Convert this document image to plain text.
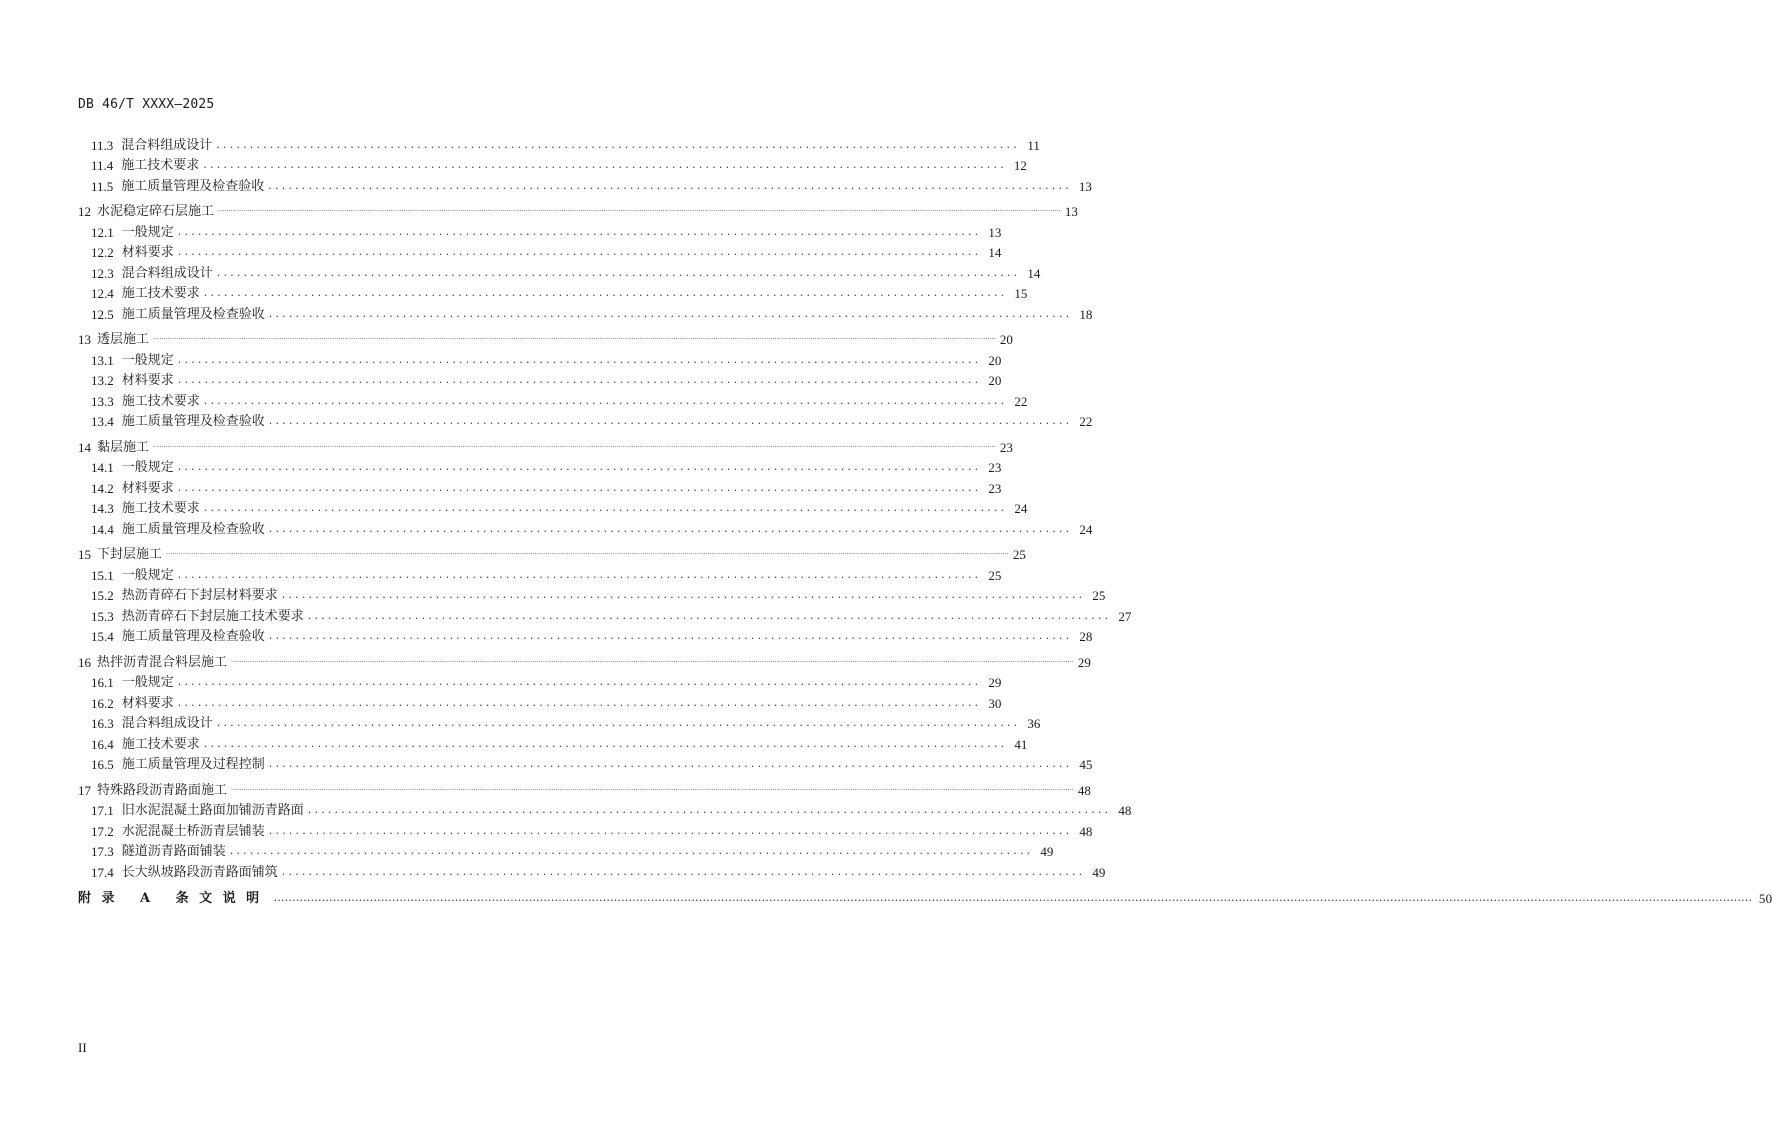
DB 46/T XXXX—2025
11.3 混合料组成设计 ........................................................................................................................ 11
11.4 施工技术要求 ........................................................................................................................ 12
11.5 施工质量管理及检查验收 ........................................................................................................................ 13
12 水泥稳定碎石层施工 ................................................................................................................................................................................................................................................................................................................................................................................................................ 13
12.1 一般规定 ........................................................................................................................ 13
12.2 材料要求 ........................................................................................................................ 14
12.3 混合料组成设计 ........................................................................................................................ 14
12.4 施工技术要求 ........................................................................................................................ 15
12.5 施工质量管理及检查验收 ........................................................................................................................ 18
13 透层施工 ................................................................................................................................................................................................................................................................................................................................................................................................................ 20
13.1 一般规定 ........................................................................................................................ 20
13.2 材料要求 ........................................................................................................................ 20
13.3 施工技术要求 ........................................................................................................................ 22
13.4 施工质量管理及检查验收 ........................................................................................................................ 22
14 黏层施工 ................................................................................................................................................................................................................................................................................................................................................................................................................ 23
14.1 一般规定 ........................................................................................................................ 23
14.2 材料要求 ........................................................................................................................ 23
14.3 施工技术要求 ........................................................................................................................ 24
14.4 施工质量管理及检查验收 ........................................................................................................................ 24
15 下封层施工 ................................................................................................................................................................................................................................................................................................................................................................................................................ 25
15.1 一般规定 ........................................................................................................................ 25
15.2 热沥青碎石下封层材料要求 ........................................................................................................................ 25
15.3 热沥青碎石下封层施工技术要求 ........................................................................................................................ 27
15.4 施工质量管理及检查验收 ........................................................................................................................ 28
16 热拌沥青混合料层施工 ................................................................................................................................................................................................................................................................................................................................................................................................................ 29
16.1 一般规定 ........................................................................................................................ 29
16.2 材料要求 ........................................................................................................................ 30
16.3 混合料组成设计 ........................................................................................................................ 36
16.4 施工技术要求 ........................................................................................................................ 41
16.5 施工质量管理及过程控制 ........................................................................................................................ 45
17 特殊路段沥青路面施工 ................................................................................................................................................................................................................................................................................................................................................................................................................ 48
17.1 旧水泥混凝土路面加铺沥青路面 ........................................................................................................................ 48
17.2 水泥混凝土桥沥青层铺装 ........................................................................................................................ 48
17.3 隧道沥青路面铺装 ........................................................................................................................ 49
17.4 长大纵坡路段沥青路面铺筑 ........................................................................................................................ 49
附录 A 条文说明 ................................................................................................................................................................................................................................................................................................................................................................................................................ 50
II
